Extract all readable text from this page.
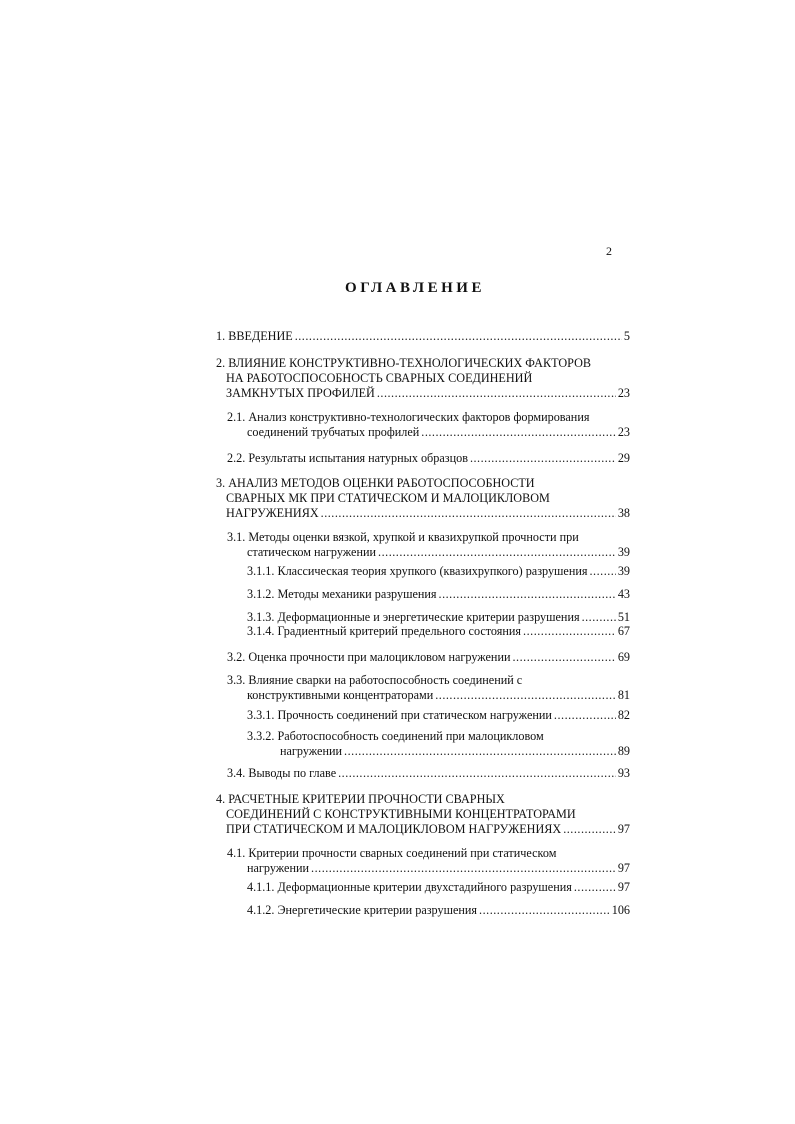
2
ОГЛАВЛЕНИЕ
1. ВВЕДЕНИЕ .....	5
2. ВЛИЯНИЕ КОНСТРУКТИВНО-ТЕХНОЛОГИЧЕСКИХ ФАКТОРОВ
НА РАБОТОСПОСОБНОСТЬ СВАРНЫХ СОЕДИНЕНИЙ
ЗАМКНУТЫХ ПРОФИЛЕЙ .....	23
2.1. Анализ конструктивно-технологических факторов формирования
соединений трубчатых профилей .....	23
2.2. Результаты испытания натурных образцов .....	29
3. АНАЛИЗ МЕТОДОВ ОЦЕНКИ РАБОТОСПОСОБНОСТИ
СВАРНЫХ МК ПРИ СТАТИЧЕСКОМ И МАЛОЦИКЛОВОМ
НАГРУЖЕНИЯХ .....	38
3.1. Методы оценки вязкой, хрупкой и квазихрупкой прочности при
статическом нагружении .....	39
3.1.1. Классическая теория хрупкого (квазихрупкого) разрушения ..... 39
3.1.2. Методы механики разрушения .....	43
3.1.3. Деформационные и энергетические критерии разрушения .....	51
3.1.4. Градиентный критерий предельного состояния .....	67
3.2. Оценка прочности при малоцикловом нагружении .....	69
3.3. Влияние сварки на работоспособность соединений с
конструктивными концентраторами .....	81
3.3.1. Прочность соединений при статическом нагружении .....	82
3.3.2. Работоспособность соединений при малоцикловом
нагружении .....	89
3.4. Выводы по главе .....	93
4. РАСЧЕТНЫЕ КРИТЕРИИ ПРОЧНОСТИ СВАРНЫХ
СОЕДИНЕНИЙ С КОНСТРУКТИВНЫМИ КОНЦЕНТРАТОРАМИ
ПРИ СТАТИЧЕСКОМ И МАЛОЦИКЛОВОМ НАГРУЖЕНИЯХ .....	97
4.1. Критерии прочности сварных соединений при статическом
нагружении .....	97
4.1.1. Деформационные критерии двухстадийного разрушения .....	97
4.1.2. Энергетические критерии разрушения .....	106
